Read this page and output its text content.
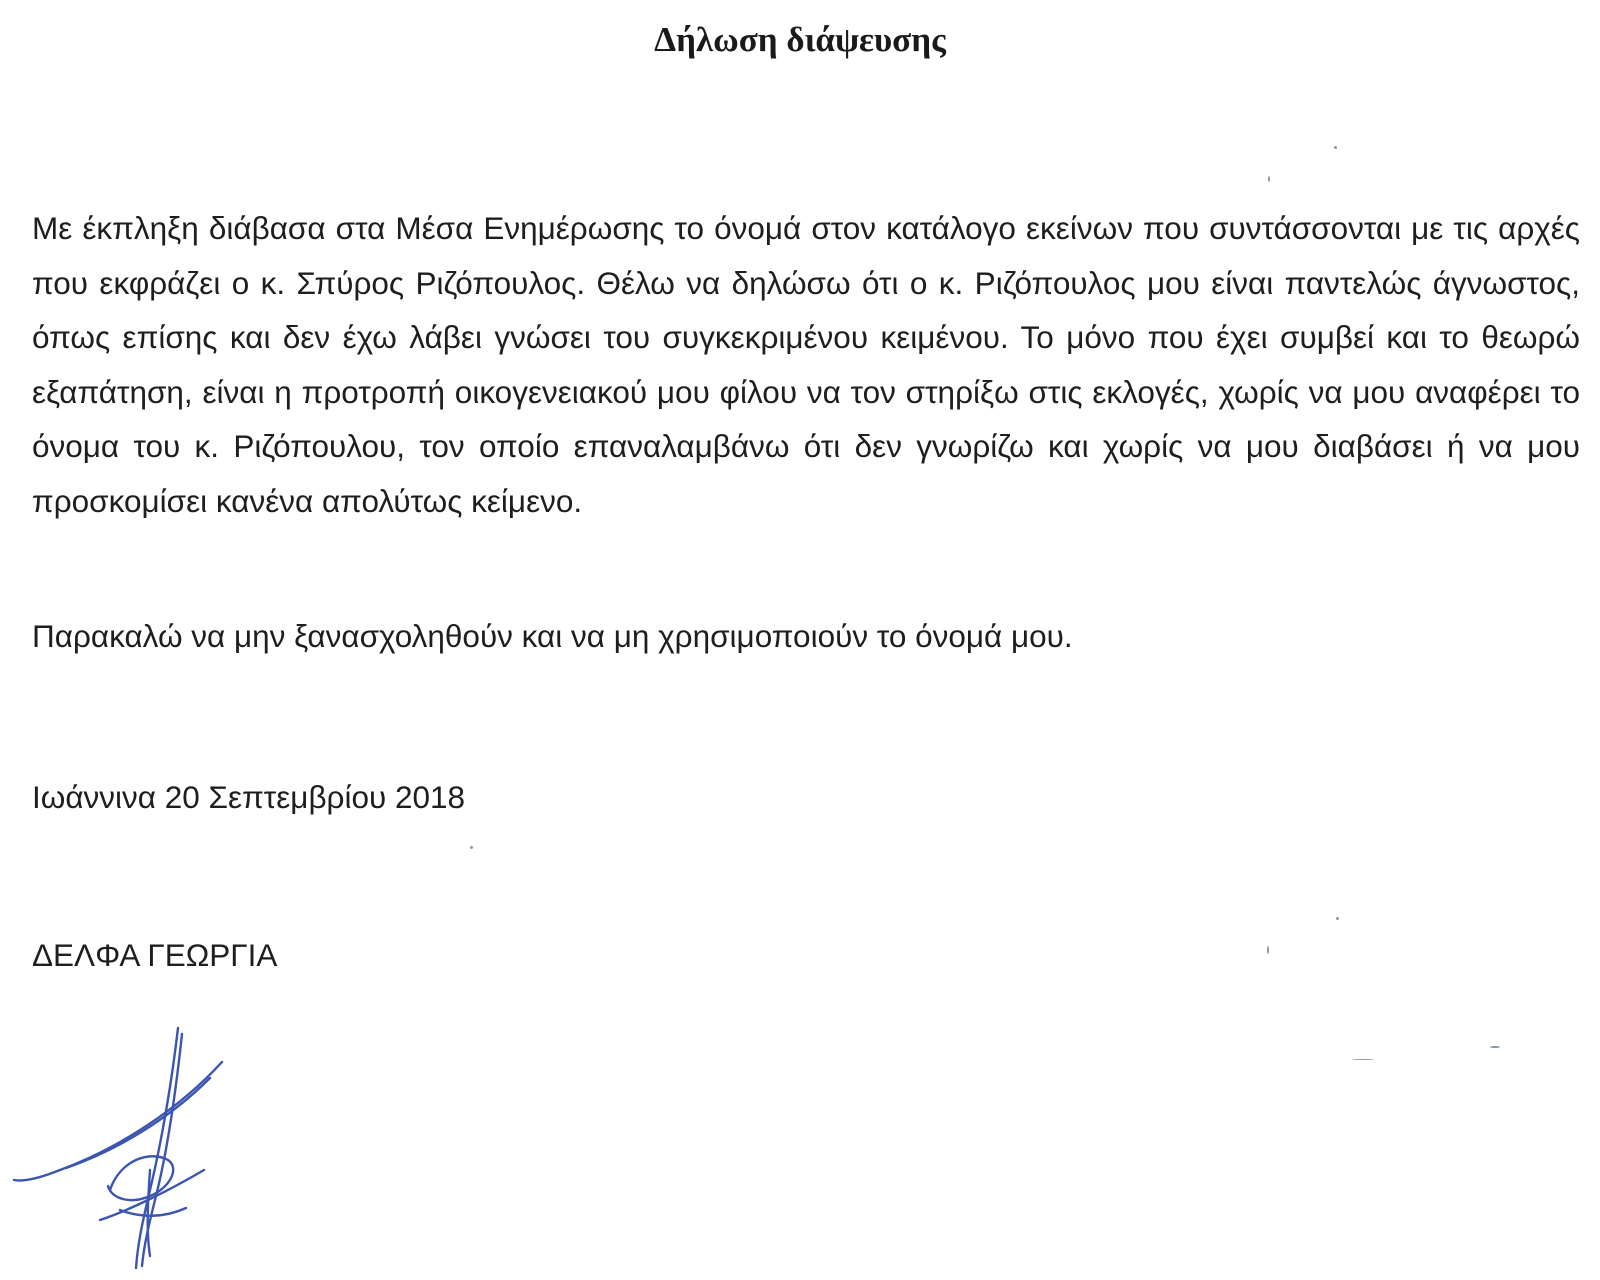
Δήλωση διάψευσης

Με έκπληξη διάβασα στα Μέσα Ενημέρωσης το όνομά στον κατάλογο εκείνων που συντάσσονται με τις αρχές που εκφράζει ο κ. Σπύρος Ριζόπουλος. Θέλω να δηλώσω ότι ο κ. Ριζόπουλος μου είναι παντελώς άγνωστος, όπως επίσης και δεν έχω λάβει γνώσει του συγκεκριμένου κειμένου. Το μόνο που έχει συμβεί και το θεωρώ εξαπάτηση, είναι η προτροπή οικογενειακού μου φίλου να τον στηρίξω στις εκλογές, χωρίς να μου αναφέρει το όνομα του κ. Ριζόπουλου, τον οποίο επαναλαμβάνω ότι δεν γνωρίζω και χωρίς να μου διαβάσει ή να μου προσκομίσει κανένα απολύτως κείμενο.

Παρακαλώ να μην ξανασχοληθούν και να μη χρησιμοποιούν το όνομά μου.

Ιωάννινα 20 Σεπτεμβρίου 2018

ΔΕΛΦΑ ΓΕΩΡΓΙΑ
